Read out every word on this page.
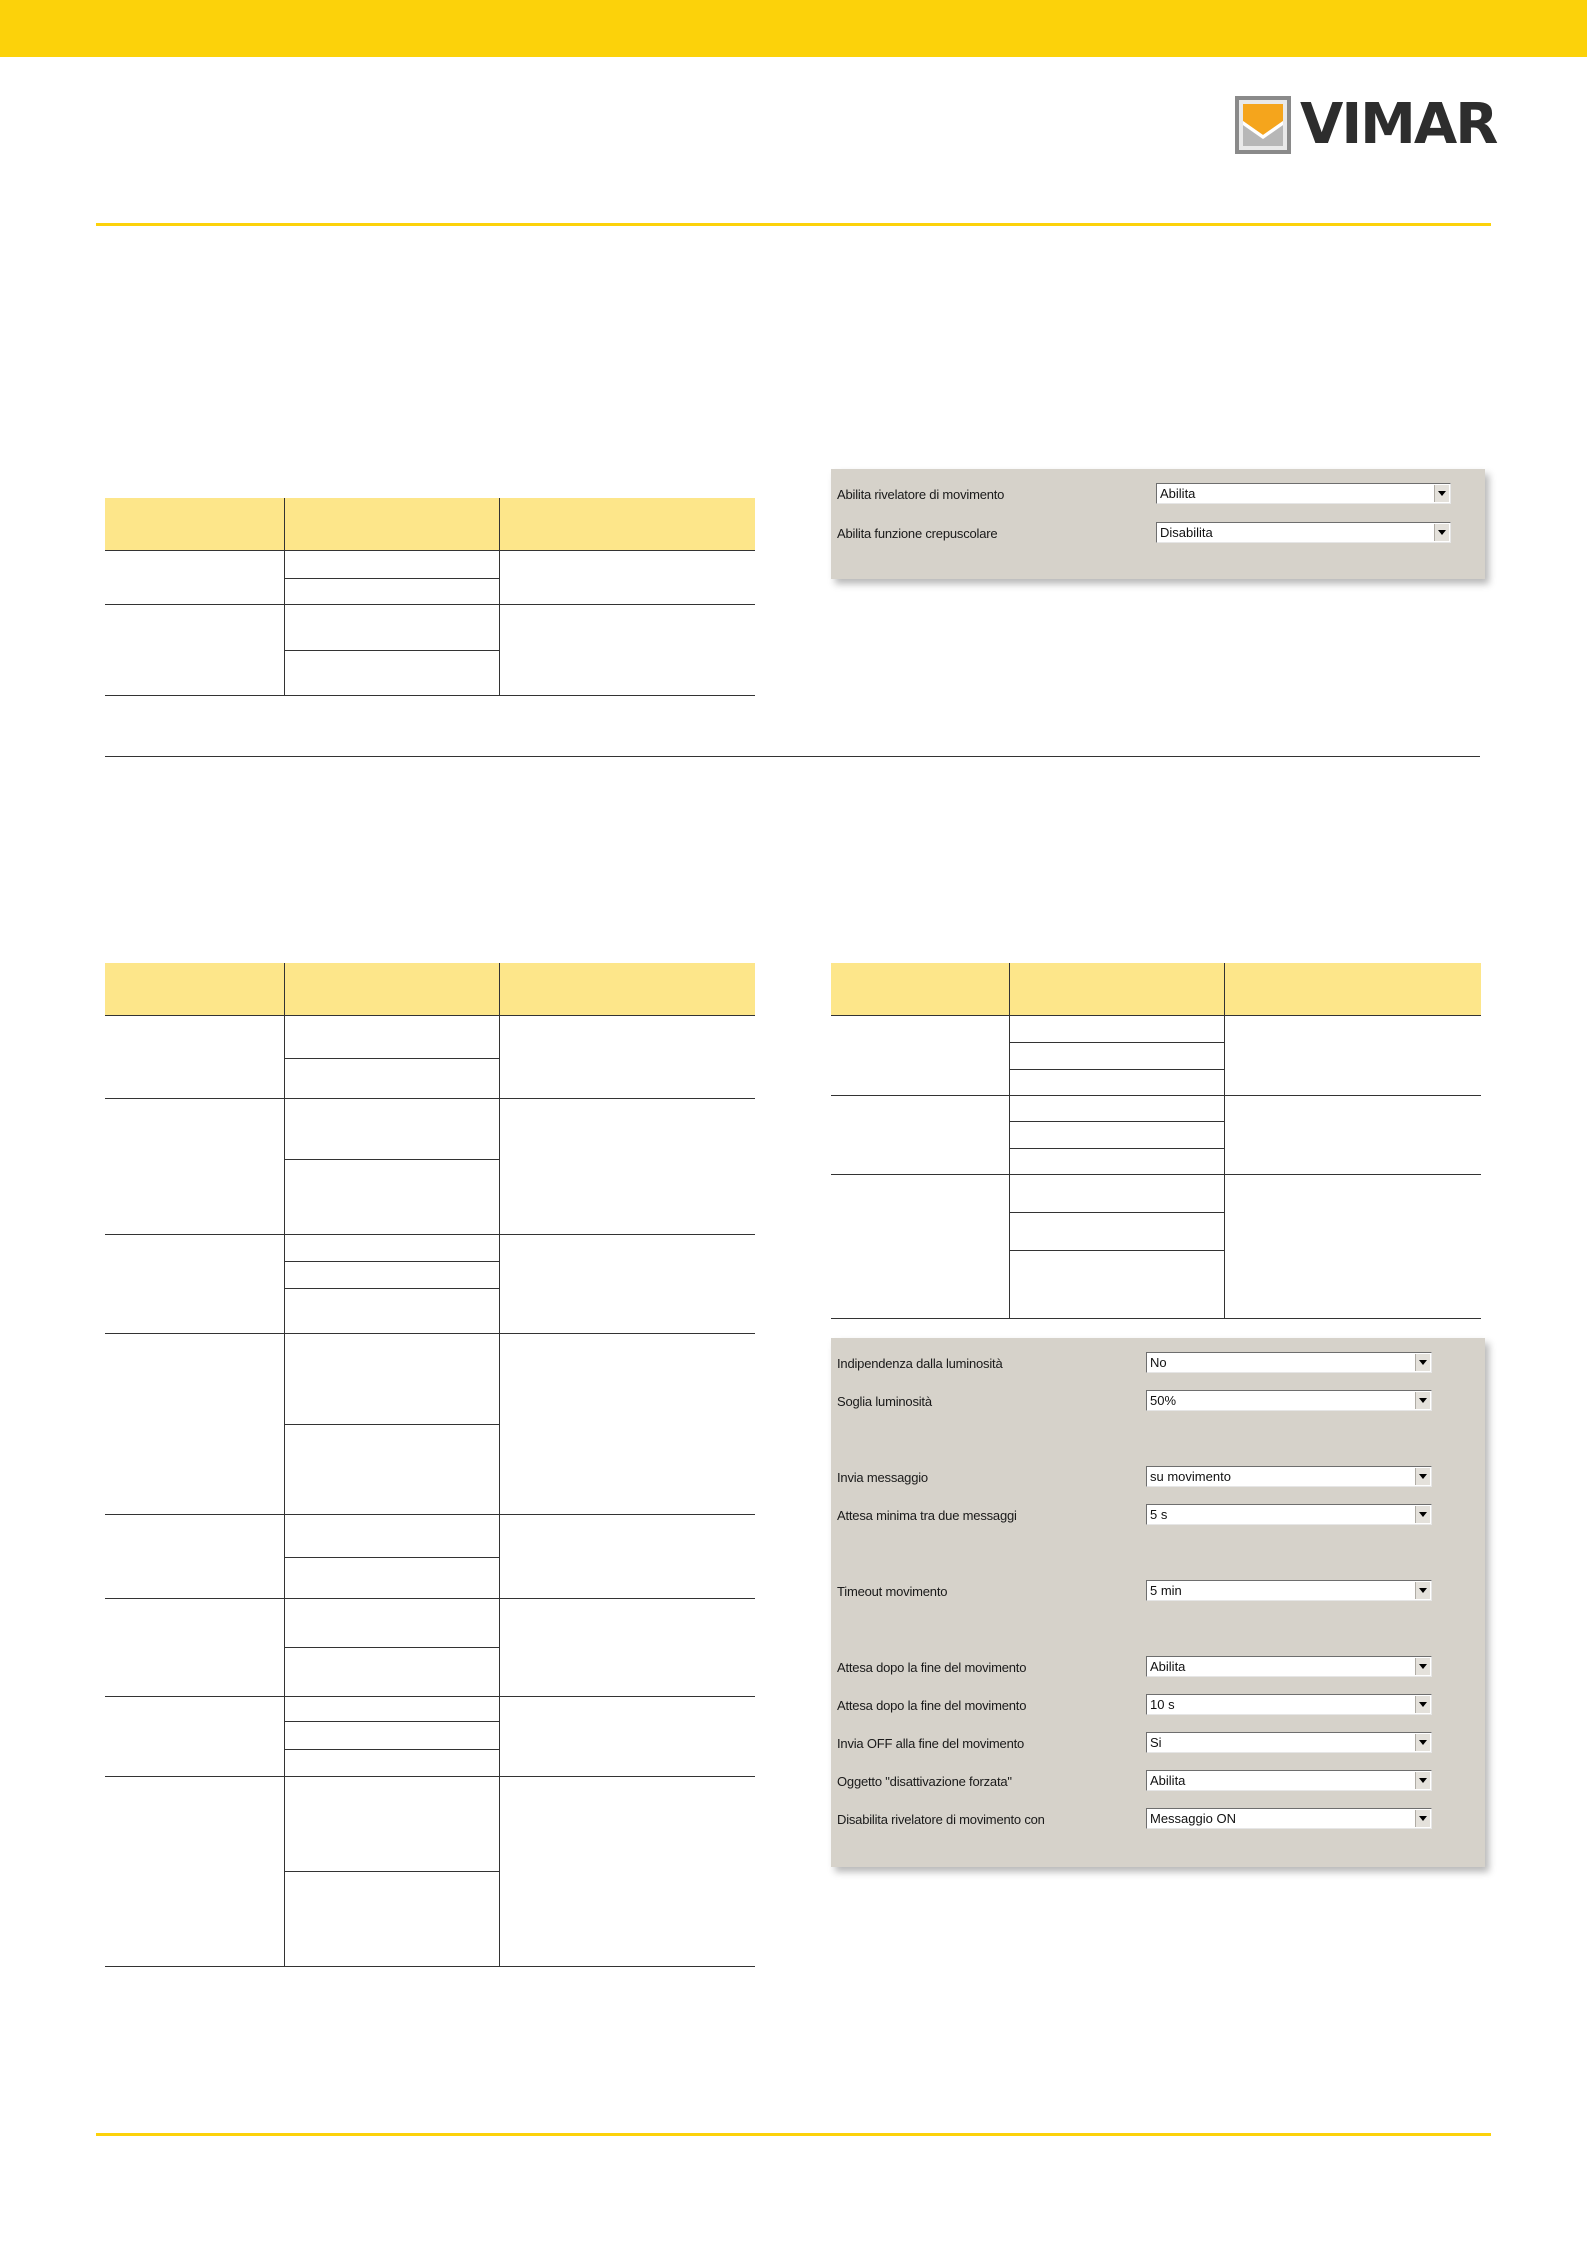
VIMAR
Abilita rivelatore di movimento	Abilita
Abilita funzione crepuscolare	Disabilita
Indipendenza dalla luminosità	No
Soglia luminosità	50%
Invia messaggio	su movimento
Attesa minima tra due messaggi	5 s
Timeout movimento	5 min
Attesa dopo la fine del movimento	Abilita
Attesa dopo la fine del movimento	10 s
Invia OFF alla fine del movimento	Si
Oggetto "disattivazione forzata"	Abilita
Disabilita rivelatore di movimento con	Messaggio ON
